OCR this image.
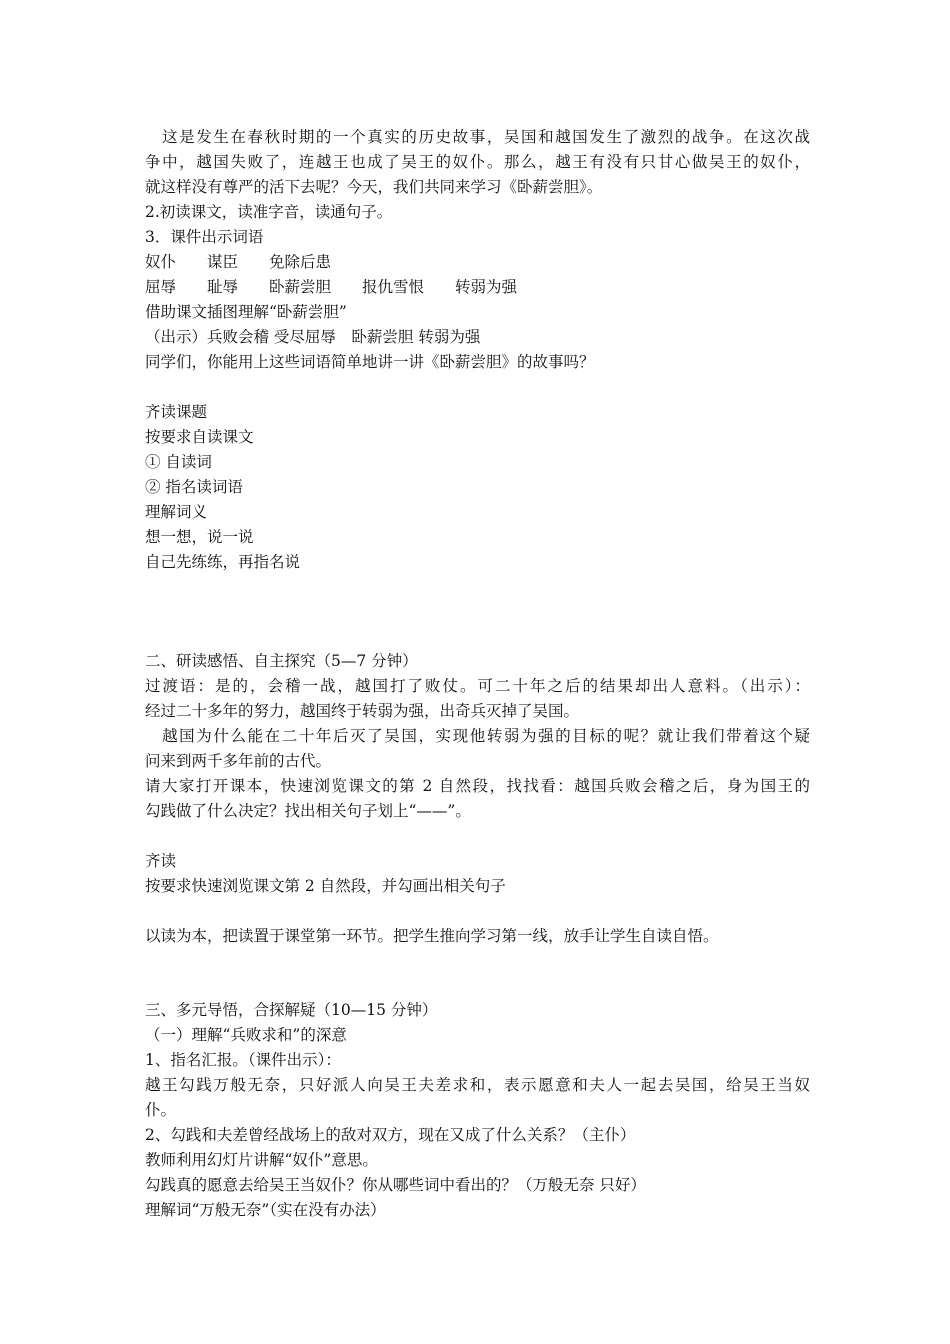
　这是发生在春秋时期的一个真实的历史故事，吴国和越国发生了激烈的战争。在这次战
争中，越国失败了，连越王也成了吴王的奴仆。那么，越王有没有只甘心做吴王的奴仆，
就这样没有尊严的活下去呢？今天，我们共同来学习《卧薪尝胆》。
2.初读课文，读准字音，读通句子。
3．课件出示词语
奴仆　　谋臣　　免除后患
屈辱　　耻辱　　卧薪尝胆　　报仇雪恨　　转弱为强
借助课文插图理解“卧薪尝胆”
（出示）兵败会稽 受尽屈辱　卧薪尝胆 转弱为强
同学们，你能用上这些词语简单地讲一讲《卧薪尝胆》的故事吗？
齐读课题
按要求自读课文
① 自读词
② 指名读词语
理解词义
想一想，说一说
自己先练练，再指名说
二、研读感悟、自主探究（5—7 分钟）
过渡语：是的，会稽一战，越国打了败仗。可二十年之后的结果却出人意料。（出示）：
经过二十多年的努力，越国终于转弱为强，出奇兵灭掉了吴国。
　越国为什么能在二十年后灭了吴国，实现他转弱为强的目标的呢？就让我们带着这个疑
问来到两千多年前的古代。
请大家打开课本，快速浏览课文的第 2 自然段，找找看：越国兵败会稽之后，身为国王的
勾践做了什么决定？找出相关句子划上“——”。
齐读
按要求快速浏览课文第 2 自然段，并勾画出相关句子
以读为本，把读置于课堂第一环节。把学生推向学习第一线，放手让学生自读自悟。
三、多元导悟，合探解疑（10—15 分钟）
（一）理解“兵败求和”的深意
1、指名汇报。（课件出示）：
越王勾践万般无奈，只好派人向吴王夫差求和，表示愿意和夫人一起去吴国，给吴王当奴
仆。
2、勾践和夫差曾经战场上的敌对双方，现在又成了什么关系？（主仆）
教师利用幻灯片讲解“奴仆”意思。
勾践真的愿意去给吴王当奴仆？你从哪些词中看出的？（万般无奈 只好）
理解词“万般无奈”（实在没有办法）
